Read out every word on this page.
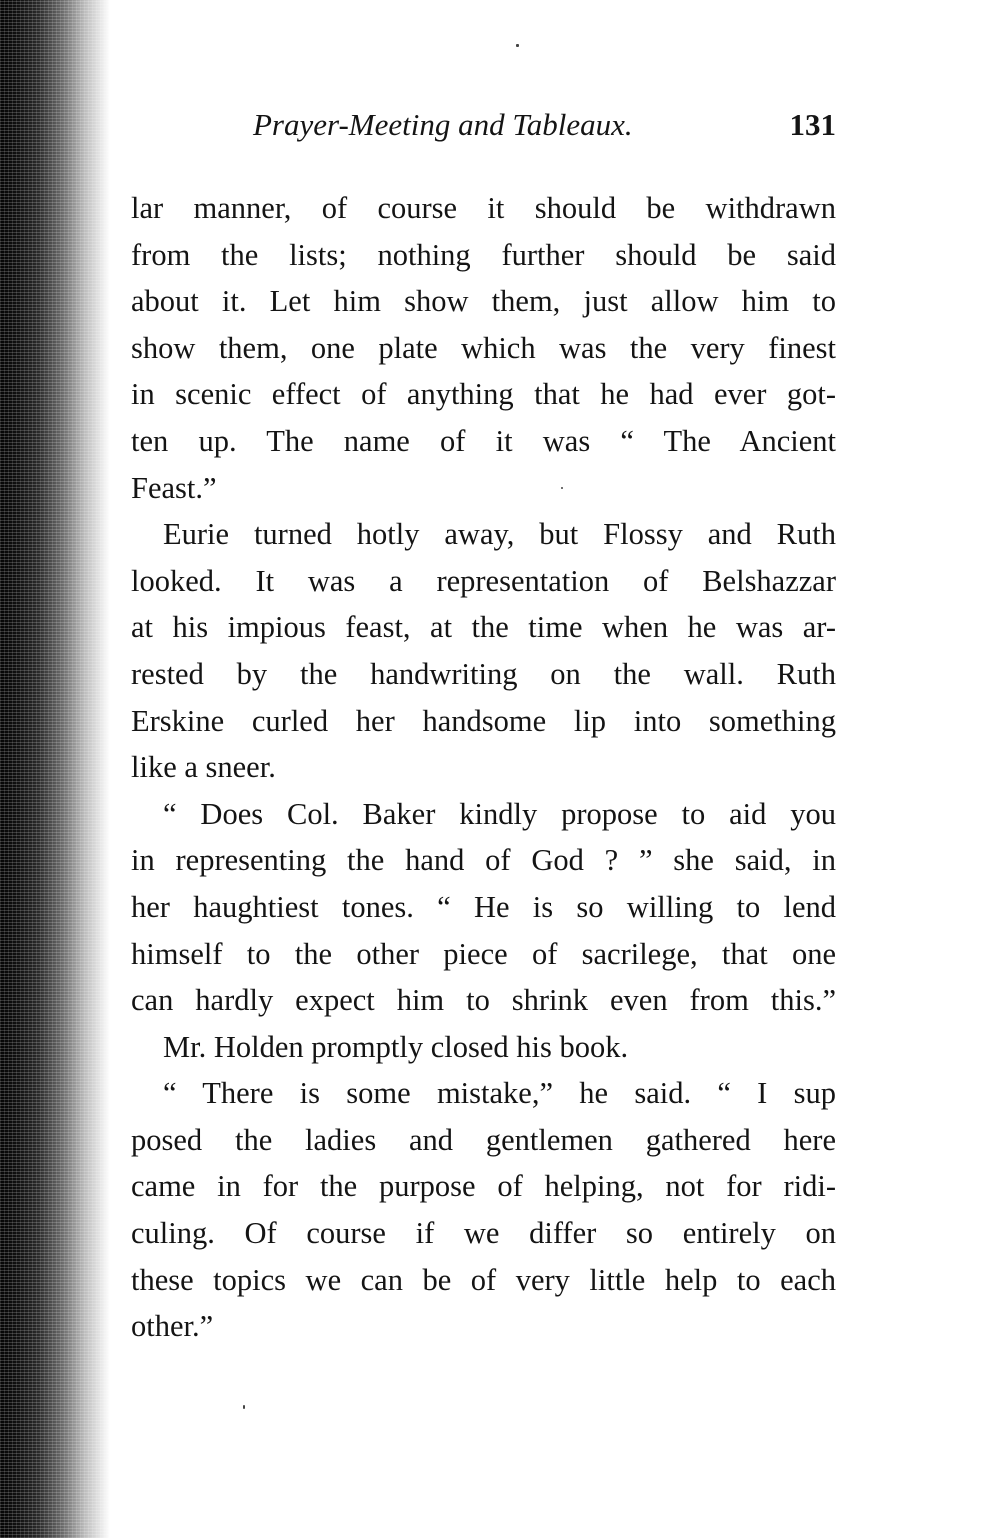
Prayer-Meeting and Tableaux.	131

lar manner, of course it should be withdrawn
from the lists; nothing further should be said
about it. Let him show them, just allow him to
show them, one plate which was the very finest
in scenic effect of anything that he had ever got-
ten up. The name of it was “ The Ancient
Feast.”

Eurie turned hotly away, but Flossy and Ruth
looked. It was a representation of Belshazzar
at his impious feast, at the time when he was ar-
rested by the handwriting on the wall. Ruth
Erskine curled her handsome lip into something
like a sneer.

“ Does Col. Baker kindly propose to aid you
in representing the hand of God ? ” she said, in
her haughtiest tones. “ He is so willing to lend
himself to the other piece of sacrilege, that one
can hardly expect him to shrink even from this.”

Mr. Holden promptly closed his book.

“ There is some mistake,” he said. “ I sup
posed the ladies and gentlemen gathered here
came in for the purpose of helping, not for ridi-
culing. Of course if we differ so entirely on
these topics we can be of very little help to each
other.”
